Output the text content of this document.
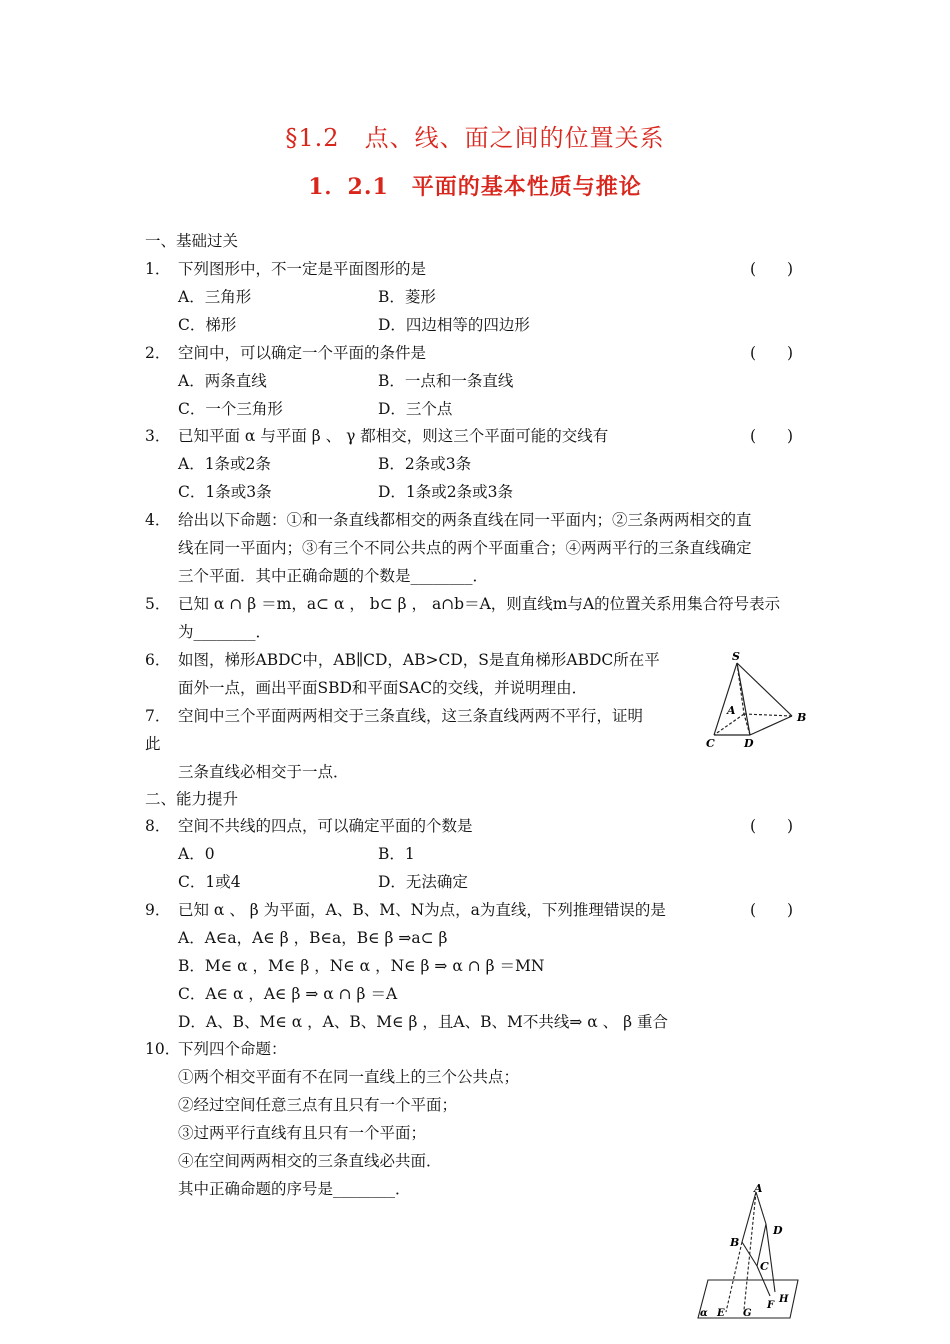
§1.2　点、线、面之间的位置关系
1．2.1　平面的基本性质与推论
一、基础过关
1． 下列图形中，不一定是平面图形的是	(　　)
A．三角形	B．菱形
C．梯形	D．四边相等的四边形
2． 空间中，可以确定一个平面的条件是	(　　)
A．两条直线	B．一点和一条直线
C．一个三角形	D．三个点
3． 已知平面 α 与平面 β 、 γ 都相交，则这三个平面可能的交线有	(　　)
A．1条或2条	B．2条或3条
C．1条或3条	D．1条或2条或3条
4． 给出以下命题：①和一条直线都相交的两条直线在同一平面内；②三条两两相交的直
线在同一平面内；③有三个不同公共点的两个平面重合；④两两平行的三条直线确定
三个平面．其中正确命题的个数是________．
5． 已知 α ∩ β ＝m，a⊂ α ， b⊂ β ， a∩b＝A，则直线m与A的位置关系用集合符号表示
为________．
6． 如图，梯形ABDC中，AB∥CD，AB>CD，S是直角梯形ABDC所在平
面外一点，画出平面SBD和平面SAC的交线，并说明理由．
7． 空间中三个平面两两相交于三条直线，这三条直线两两不平行，证明
此
三条直线必相交于一点．
二、能力提升
8． 空间不共线的四点，可以确定平面的个数是	(　　)
A．0	B．1
C．1或4	D．无法确定
9． 已知 α 、 β 为平面，A、B、M、N为点，a为直线，下列推理错误的是	(　　)
A．A∈a，A∈ β ，B∈a，B∈ β ⇒a⊂ β
B．M∈ α ，M∈ β ，N∈ α ，N∈ β ⇒ α ∩ β ＝MN
C．A∈ α ，A∈ β ⇒ α ∩ β ＝A
D．A、B、M∈ α ，A、B、M∈ β ，且A、B、M不共线⇒ α 、 β 重合
10．
下列四个命题：
①两个相交平面有不在同一直线上的三个公共点；
②经过空间任意三点有且只有一个平面；
③过两平行直线有且只有一个平面；
④在空间两两相交的三条直线必共面．
其中正确命题的序号是________．
S
A
B
C	D
A
B
C
D
E
F
G
H
α
